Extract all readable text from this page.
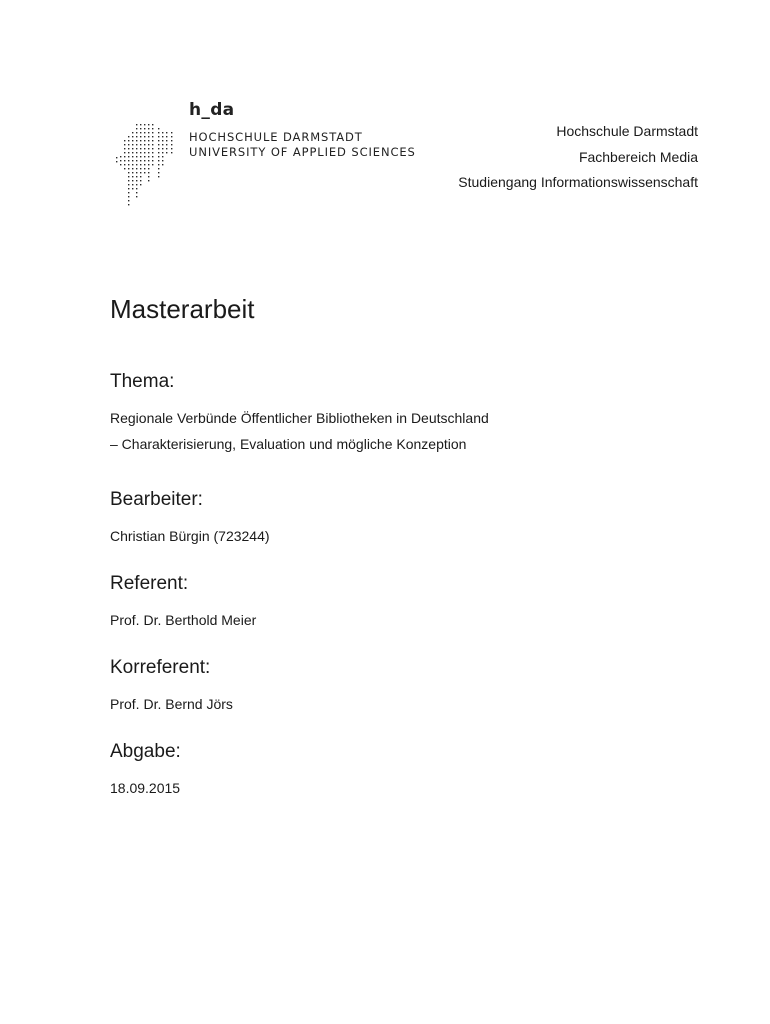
h_da
HOCHSCHULE DARMSTADT
UNIVERSITY OF APPLIED SCIENCES
Hochschule Darmstadt
Fachbereich Media
Studiengang Informationswissenschaft
Masterarbeit
Thema:
Regionale Verbünde Öffentlicher Bibliotheken in Deutschland
– Charakterisierung, Evaluation und mögliche Konzeption
Bearbeiter:
Christian Bürgin (723244)
Referent:
Prof. Dr. Berthold Meier
Korreferent:
Prof. Dr. Bernd Jörs
Abgabe:
18.09.2015
